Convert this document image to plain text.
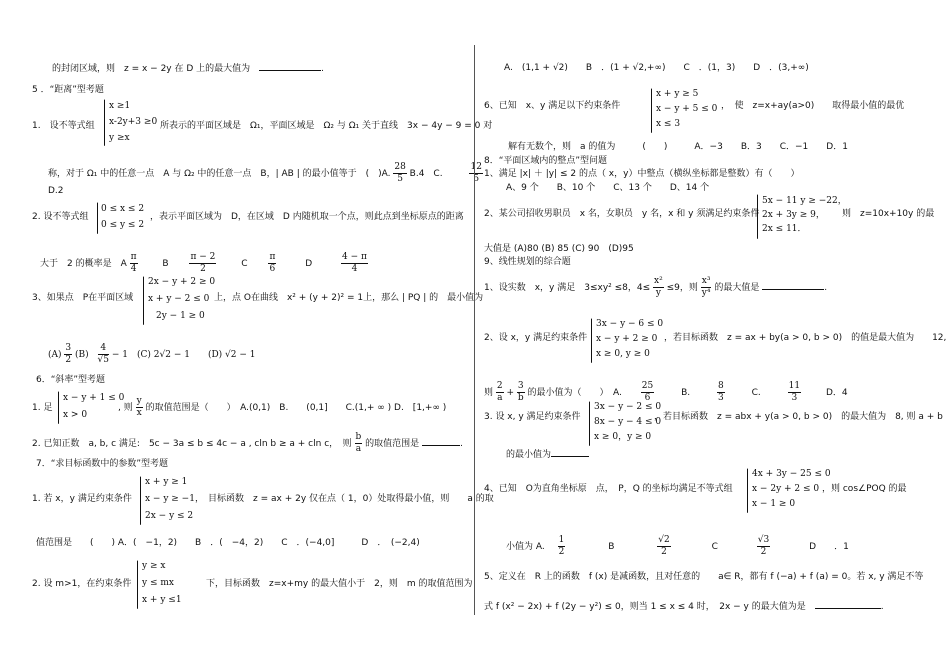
的封闭区域，则　z = x − 2y 在 D 上的最大值为　	.
5 ．“距离”型考题
1.　设不等式组
x ≥1
x-2y+3 ≥0
y ≥x
所表示的平面区域是　Ω₁，平面区域是　Ω₂ 与 Ω₁ 关于直线　3x − 4y − 9 = 0 对
称，对于 Ω₁ 中的任意一点　A 与 Ω₂ 中的任意一点　B，| AB | 的最小值等于　(　)A. $\frac{28}{5} B.4$　C.	$\frac{12}{5}$
D.2
2. 设不等式组
0 ≤ x ≤ 2
0 ≤ y ≤ 2
，表示平面区域为　D，在区域　D 内随机取一个点，则此点到坐标原点的距离
大于　2 的概率是　A $\frac{\pi}{4}$	B $\frac{\pi - 2}{2}$	C $\frac{\pi}{6}$	D	$\frac{4 - \pi}{4}$
3、如果点　P在平面区域
2x − y + 2 ≥ 0
x + y − 2 ≤ 0
2y − 1 ≥ 0
上，点 O在曲线　x² + (y + 2)² = 1上，那么 | PQ | 的　最小值为
$(A) \frac{3}{2} (B) \frac{4}{√5} - 1$　(C) 2√2 − 1　　(D) √2 − 1
6．“斜率”型考题
1. 足
x − y + 1 ≤ 0
x > 0
, 则 $\frac{y}{x}$ 的取值范围是（　　）　A.(0,1)　B.　　(0,1]　　C.(1,+ ∞ ) D.　[1,+∞ )
2. 已知正数　a, b, c 满足:　5c − 3a ≤ b ≤ 4c − a , cln b ≥ a + cln c，　则 $\frac{b}{a}$ 的取值范围是	.
7．“求目标函数中的参数”型考题
1. 若 x，y 满足约束条件
x + y ≥ 1
x − y ≥ −1，
2x − y ≤ 2
目标函数　z = ax + 2y 仅在点（ 1，0）处取得最小值，则　　a 的取
值范围是　　(　　) A．(　−1，2)　　B　．(　−4，2)　　C　．(−4,0]　　　D　．　(−2,4)
2. 设 m>1，在约束条件
y ≥ x
y ≤ mx
x + y ≤1
下，目标函数　z=x+my 的最大值小于　2，则　m 的取值范围为
A.　(1,1 + √2)　　B　．(1 + √2,+∞)　　C　．(1，3)　　D　．(3,+∞)
6、已知　x、y 满足以下约束条件
x + y ≥ 5
x − y + 5 ≤ 0
x ≤ 3
，　使　z=x+ay(a>0)　　取得最小值的最优
解有无数个，则　a 的值为　　　(　　)　　　A．−3　　B．3　　C．−1　　D．1
8．“平面区域内的整点”型问题
1、满足 |x| ＋ |y| ≤ 2 的点（ x，y）中整点（横纵坐标都是整数）有（　　）
A、9 个　　B、10 个　　C、13 个　　D、14 个
2、某公司招收男职员　x 名，女职员　y 名，x 和 y 须满足约束条件
5x − 11 y ≥ −22，
2x + 3y ≥ 9，
2x ≤ 11．
则　z=10x+10y 的最
大值是 (A)80 (B) 85 (C) 90　(D)95
9、线性规划的综合题
1、设实数　x，y 满足　3≤xy² ≤8，$4\le \frac{\text{x²}}{y} \le 9$，则 $\frac{\text{x³}}{\text{y⁴}}$ 的最大值是	.
2、设 x，y 满足约束条件
3x − y − 6 ≤ 0
x − y + 2 ≥ 0
x ≥ 0, y ≥ 0
，若目标函数　z = ax + by(a > 0, b > 0)　的值是最大值为　　12,
则 $\frac{2}{a} + \frac{3}{b}$ 的最小值为（　　）　A. $\frac{25}{6}$	B.	$\frac{8}{3}$	C.	$\frac{11}{3}$	D．4
3. 设 x, y 满足约束条件
3x − y − 2 ≤ 0
8x − y − 4 ≤ 0
x ≥ 0，y ≥ 0
，若目标函数　z = abx + y(a > 0, b > 0)　的最大值为　8, 则 a + b
的最小值为
4、已知　O为直角坐标原　点，　P，Q 的坐标均满足不等式组
4x + 3y − 25 ≤ 0
x − 2y + 2 ≤ 0
x − 1 ≥ 0
，则 cos∠POQ 的最
小值为 A. $\frac{1}{2}$	B	$\frac{√2}{2}$	C	$\frac{√3}{2}$	D　　．1
5、定义在　R 上的函数　f (x) 是减函数，且对任意的　　a∈ R，都有 f (−a) + f (a) = 0。若 x, y 满足不等
式 f (x² − 2x) + f (2y − y²) ≤ 0，则当 1 ≤ x ≤ 4 时，　2x − y 的最大值为是　	.
